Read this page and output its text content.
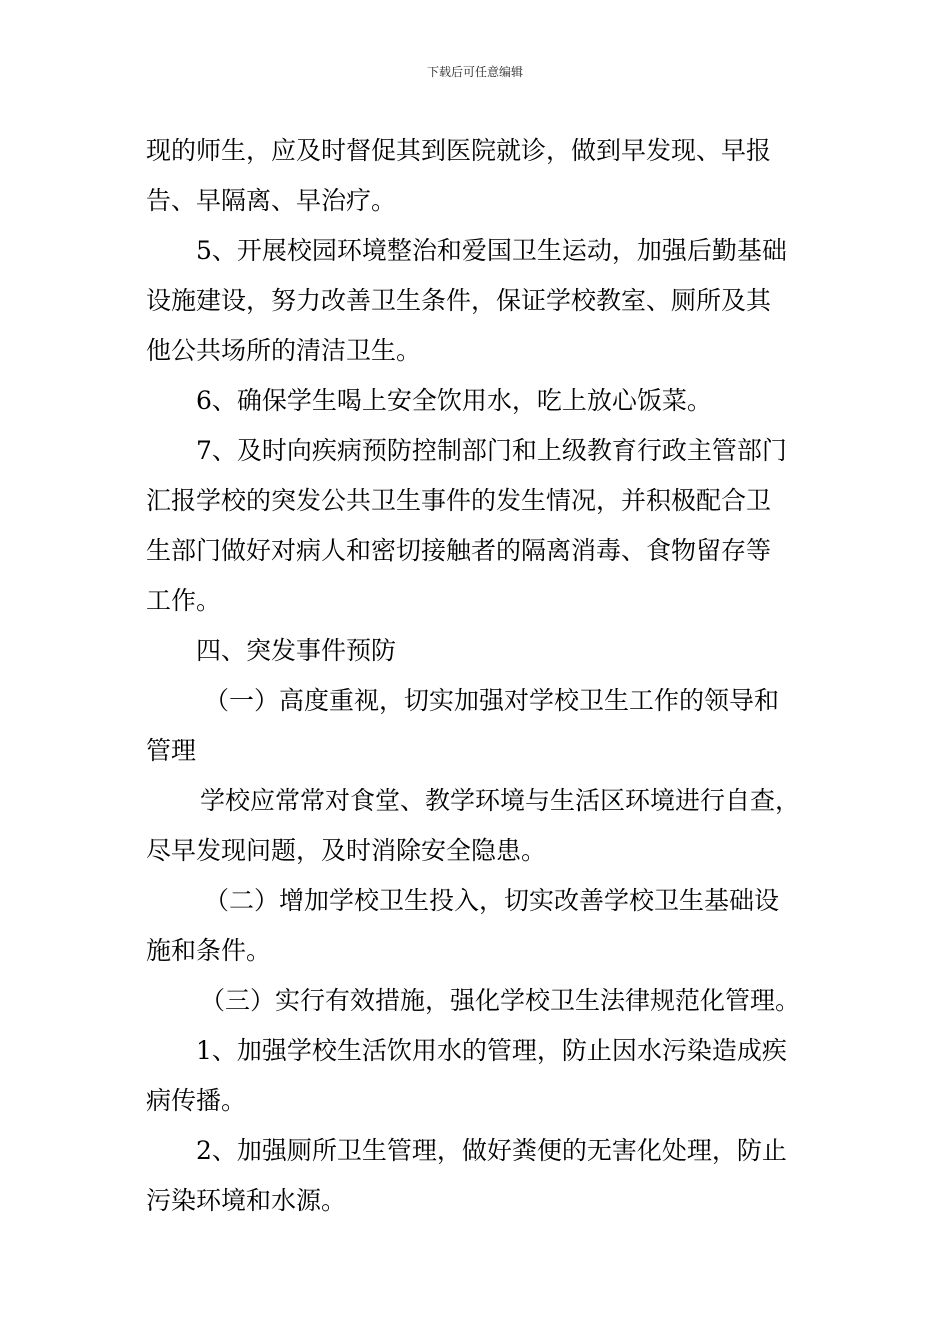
下载后可任意编辑
现的师生，应及时督促其到医院就诊，做到早发现、早报
告、早隔离、早治疗。
5、开展校园环境整治和爱国卫生运动，加强后勤基础
设施建设，努力改善卫生条件，保证学校教室、厕所及其
他公共场所的清洁卫生。
6、确保学生喝上安全饮用水，吃上放心饭菜。
7、及时向疾病预防控制部门和上级教育行政主管部门
汇报学校的突发公共卫生事件的发生情况，并积极配合卫
生部门做好对病人和密切接触者的隔离消毒、食物留存等
工作。
四、突发事件预防
（一）高度重视，切实加强对学校卫生工作的领导和
管理
学校应常常对食堂、教学环境与生活区环境进行自查，
尽早发现问题，及时消除安全隐患。
（二）增加学校卫生投入，切实改善学校卫生基础设
施和条件。
（三）实行有效措施，强化学校卫生法律规范化管理。
1、加强学校生活饮用水的管理，防止因水污染造成疾
病传播。
2、加强厕所卫生管理，做好粪便的无害化处理，防止
污染环境和水源。
